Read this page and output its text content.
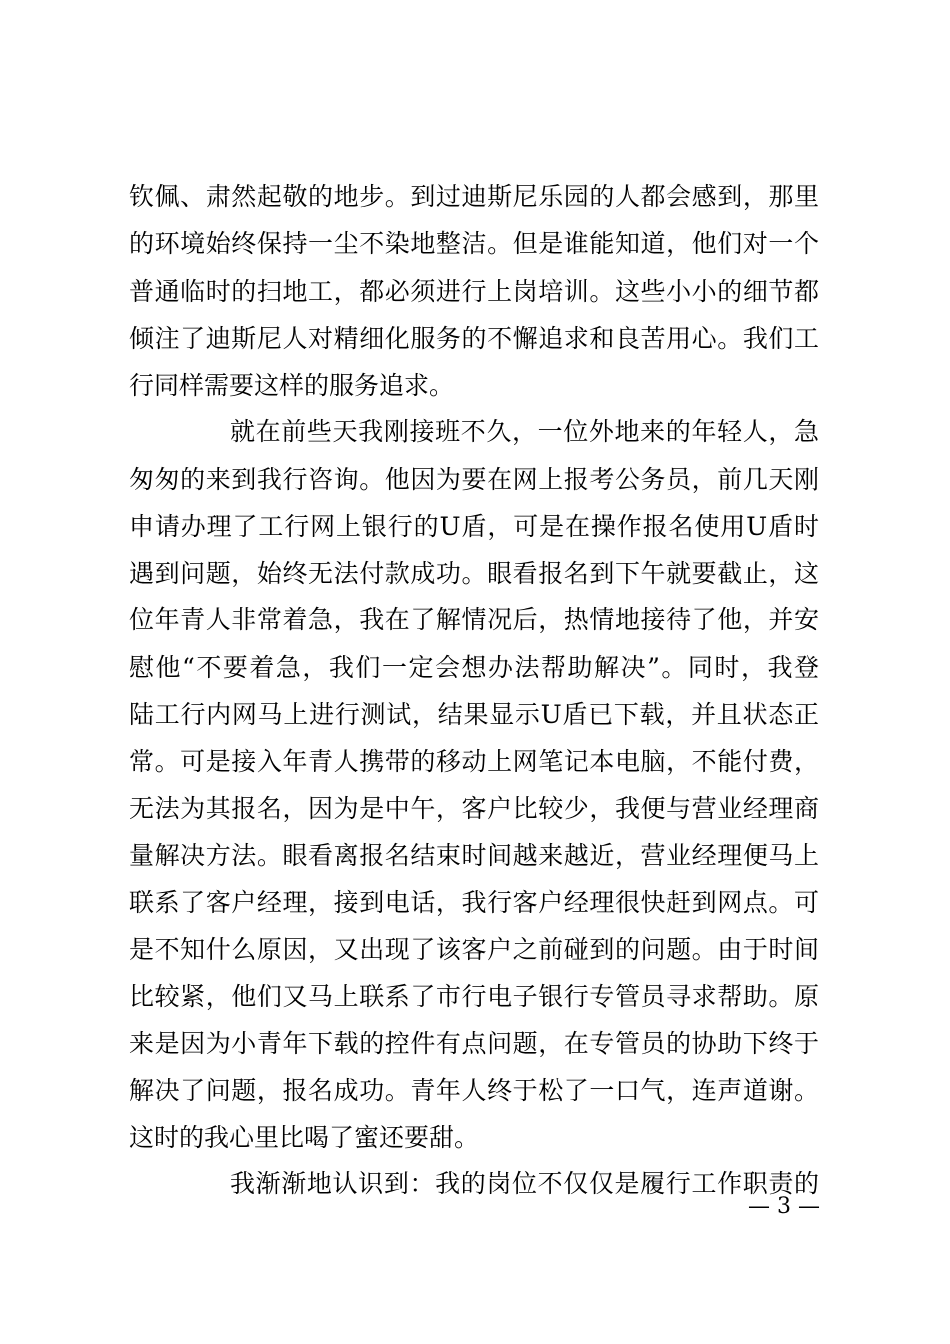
钦佩、肃然起敬的地步。到过迪斯尼乐园的人都会感到，那里
的环境始终保持一尘不染地整洁。但是谁能知道，他们对一个
普通临时的扫地工，都必须进行上岗培训。这些小小的细节都
倾注了迪斯尼人对精细化服务的不懈追求和良苦用心。我们工
行同样需要这样的服务追求。
就在前些天我刚接班不久，一位外地来的年轻人，急
匆匆的来到我行咨询。他因为要在网上报考公务员，前几天刚
申请办理了工行网上银行的U盾，可是在操作报名使用U盾时
遇到问题，始终无法付款成功。眼看报名到下午就要截止，这
位年青人非常着急，我在了解情况后，热情地接待了他，并安
慰他“不要着急，我们一定会想办法帮助解决”。同时，我登
陆工行内网马上进行测试，结果显示U盾已下载，并且状态正
常。可是接入年青人携带的移动上网笔记本电脑，不能付费，
无法为其报名，因为是中午，客户比较少，我便与营业经理商
量解决方法。眼看离报名结束时间越来越近，营业经理便马上
联系了客户经理，接到电话，我行客户经理很快赶到网点。可
是不知什么原因，又出现了该客户之前碰到的问题。由于时间
比较紧，他们又马上联系了市行电子银行专管员寻求帮助。原
来是因为小青年下载的控件有点问题，在专管员的协助下终于
解决了问题，报名成功。青年人终于松了一口气，连声道谢。
这时的我心里比喝了蜜还要甜。
我渐渐地认识到：我的岗位不仅仅是履行工作职责的
— 3 —
